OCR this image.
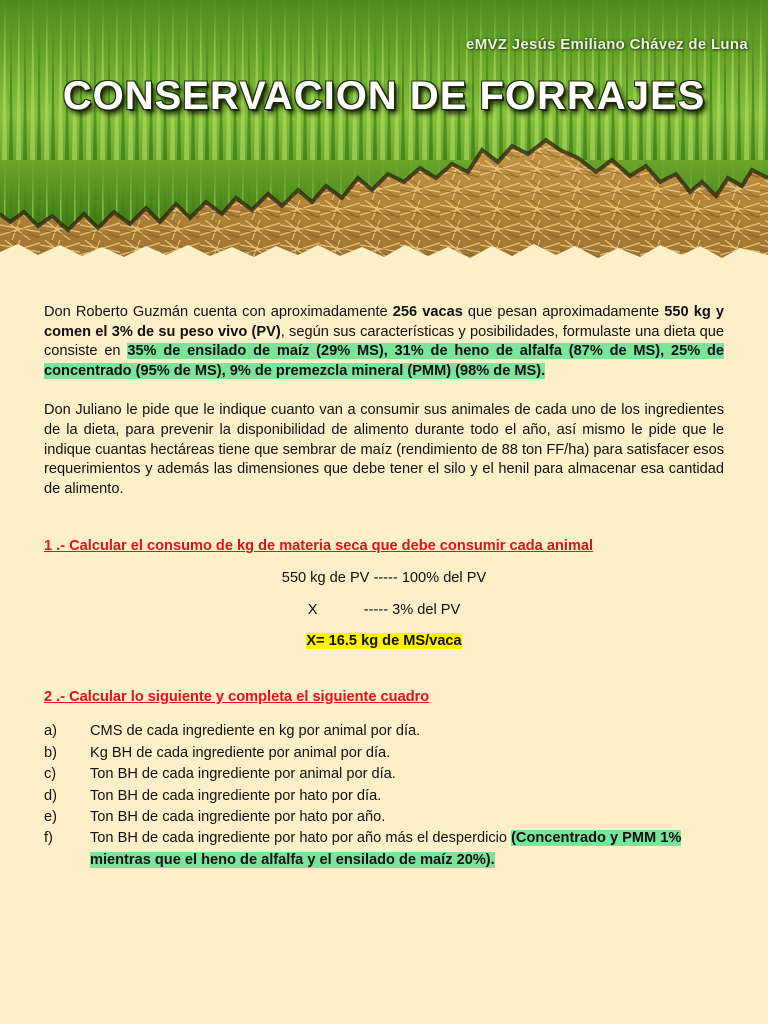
eMVZ Jesús Emiliano Chávez de Luna
CONSERVACION DE FORRAJES

Don Roberto Guzmán cuenta con aproximadamente 256 vacas que pesan aproximadamente 550 kg y comen el 3% de su peso vivo (PV), según sus características y posibilidades, formulaste una dieta que consiste en 35% de ensilado de maíz (29% MS), 31% de heno de alfalfa (87% de MS), 25% de concentrado (95% de MS), 9% de premezcla mineral (PMM) (98% de MS).

Don Juliano le pide que le indique cuanto van a consumir sus animales de cada uno de los ingredientes de la dieta, para prevenir la disponibilidad de alimento durante todo el año, así mismo le pide que le indique cuantas hectáreas tiene que sembrar de maíz (rendimiento de 88 ton FF/ha) para satisfacer esos requerimientos y además las dimensiones que debe tener el silo y el henil para almacenar esa cantidad de alimento.

1 .- Calcular el consumo de kg de materia seca que debe consumir cada animal

550 kg de PV ----- 100% del PV

X	----- 3% del PV

X= 16.5 kg de MS/vaca

2 .- Calcular lo siguiente y completa el siguiente cuadro

a)	CMS de cada ingrediente en kg por animal por día.
b)	Kg BH de cada ingrediente por animal por día.
c)	Ton BH de cada ingrediente por animal por día.
d)	Ton BH de cada ingrediente por hato por día.
e)	Ton BH de cada ingrediente por hato por año.
f)	Ton BH de cada ingrediente por hato por año más el desperdicio (Concentrado y PMM 1% mientras que el heno de alfalfa y el ensilado de maíz 20%).
